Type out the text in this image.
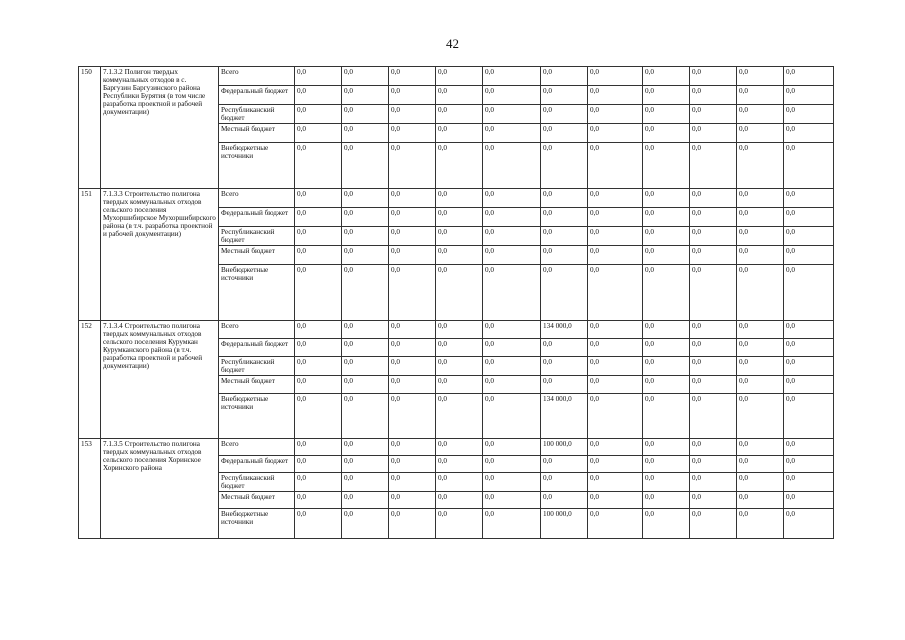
42
150	7.1.3.2 Полигон твердых коммунальных отходов в с. Баргузин Баргузинского района Республики Бурятия (в том числе разработка проектной и рабочей документации)	Всего	0,0	0,0	0,0	0,0	0,0	0,0	0,0	0,0	0,0	0,0	0,0
		Федеральный бюджет	0,0	0,0	0,0	0,0	0,0	0,0	0,0	0,0	0,0	0,0	0,0
		Республиканский бюджет	0,0	0,0	0,0	0,0	0,0	0,0	0,0	0,0	0,0	0,0	0,0
		Местный бюджет	0,0	0,0	0,0	0,0	0,0	0,0	0,0	0,0	0,0	0,0	0,0
		Внебюджетные источники	0,0	0,0	0,0	0,0	0,0	0,0	0,0	0,0	0,0	0,0	0,0
151	7.1.3.3 Строительство полигона твердых коммунальных отходов сельского поселения Мухоршибирское Мухоршибирского района (в т.ч. разработка проектной и рабочей документации)	Всего	0,0	0,0	0,0	0,0	0,0	0,0	0,0	0,0	0,0	0,0	0,0
		Федеральный бюджет	0,0	0,0	0,0	0,0	0,0	0,0	0,0	0,0	0,0	0,0	0,0
		Республиканский бюджет	0,0	0,0	0,0	0,0	0,0	0,0	0,0	0,0	0,0	0,0	0,0
		Местный бюджет	0,0	0,0	0,0	0,0	0,0	0,0	0,0	0,0	0,0	0,0	0,0
		Внебюджетные источники	0,0	0,0	0,0	0,0	0,0	0,0	0,0	0,0	0,0	0,0	0,0
152	7.1.3.4 Строительство полигона твердых коммунальных отходов сельского поселения Курумкан Курумканского района (в т.ч. разработка проектной и рабочей документации)	Всего	0,0	0,0	0,0	0,0	0,0	134 000,0	0,0	0,0	0,0	0,0	0,0
		Федеральный бюджет	0,0	0,0	0,0	0,0	0,0	0,0	0,0	0,0	0,0	0,0	0,0
		Республиканский бюджет	0,0	0,0	0,0	0,0	0,0	0,0	0,0	0,0	0,0	0,0	0,0
		Местный бюджет	0,0	0,0	0,0	0,0	0,0	0,0	0,0	0,0	0,0	0,0	0,0
		Внебюджетные источники	0,0	0,0	0,0	0,0	0,0	134 000,0	0,0	0,0	0,0	0,0	0,0
153	7.1.3.5 Строительство полигона твердых коммунальных отходов сельского поселения Хоринское Хоринского района	Всего	0,0	0,0	0,0	0,0	0,0	100 000,0	0,0	0,0	0,0	0,0	0,0
		Федеральный бюджет	0,0	0,0	0,0	0,0	0,0	0,0	0,0	0,0	0,0	0,0	0,0
		Республиканский бюджет	0,0	0,0	0,0	0,0	0,0	0,0	0,0	0,0	0,0	0,0	0,0
		Местный бюджет	0,0	0,0	0,0	0,0	0,0	0,0	0,0	0,0	0,0	0,0	0,0
		Внебюджетные источники	0,0	0,0	0,0	0,0	0,0	100 000,0	0,0	0,0	0,0	0,0	0,0
